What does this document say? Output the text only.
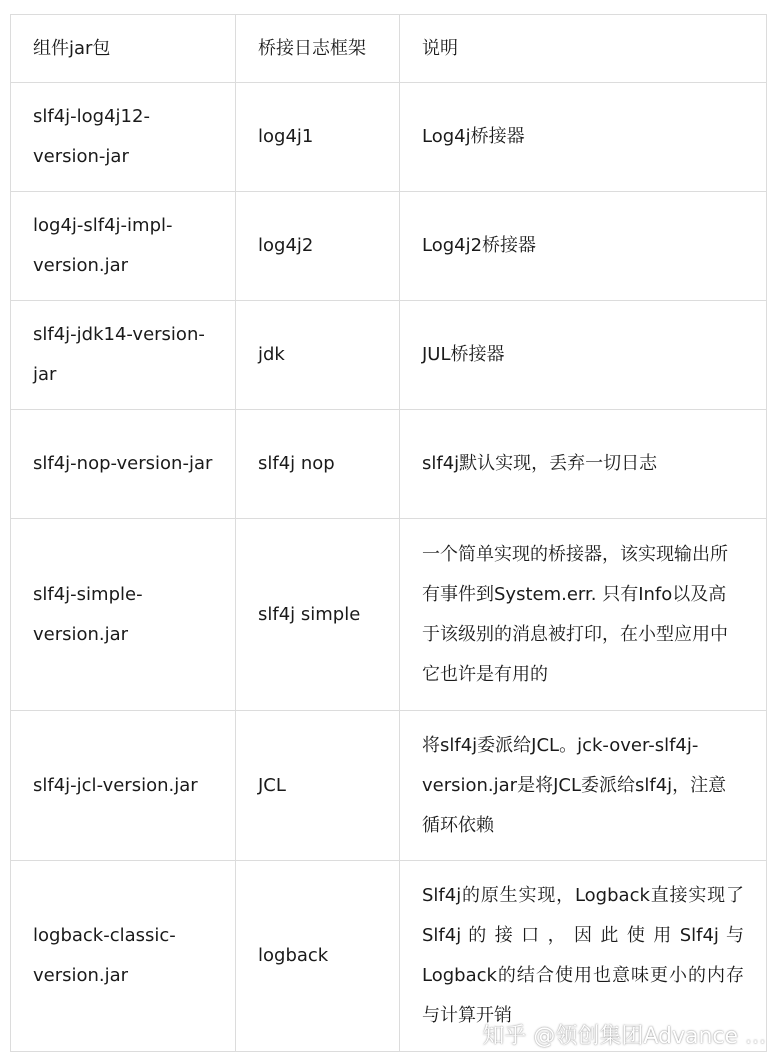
组件jar包	桥接日志框架	说明
slf4j-log4j12-version-jar	log4j1	Log4j桥接器
log4j-slf4j-impl-version.jar	log4j2	Log4j2桥接器
slf4j-jdk14-version-jar	jdk	JUL桥接器
slf4j-nop-version-jar	slf4j nop	slf4j默认实现，丢弃一切日志
slf4j-simple-version.jar	slf4j simple	一个简单实现的桥接器，该实现输出所有事件到System.err. 只有Info以及高于该级别的消息被打印，在小型应用中它也许是有用的
slf4j-jcl-version.jar	JCL	将slf4j委派给JCL。jck-over-slf4j-version.jar是将JCL委派给slf4j，注意循环依赖
logback-classic-version.jar	logback	Slf4j的原生实现，Logback直接实现了 Slf4j 的 接 口 ， 因 此 使 用 Slf4j 与 Logback的结合使用也意味更小的内存与计算开销
知乎 @领创集团Advance ...
